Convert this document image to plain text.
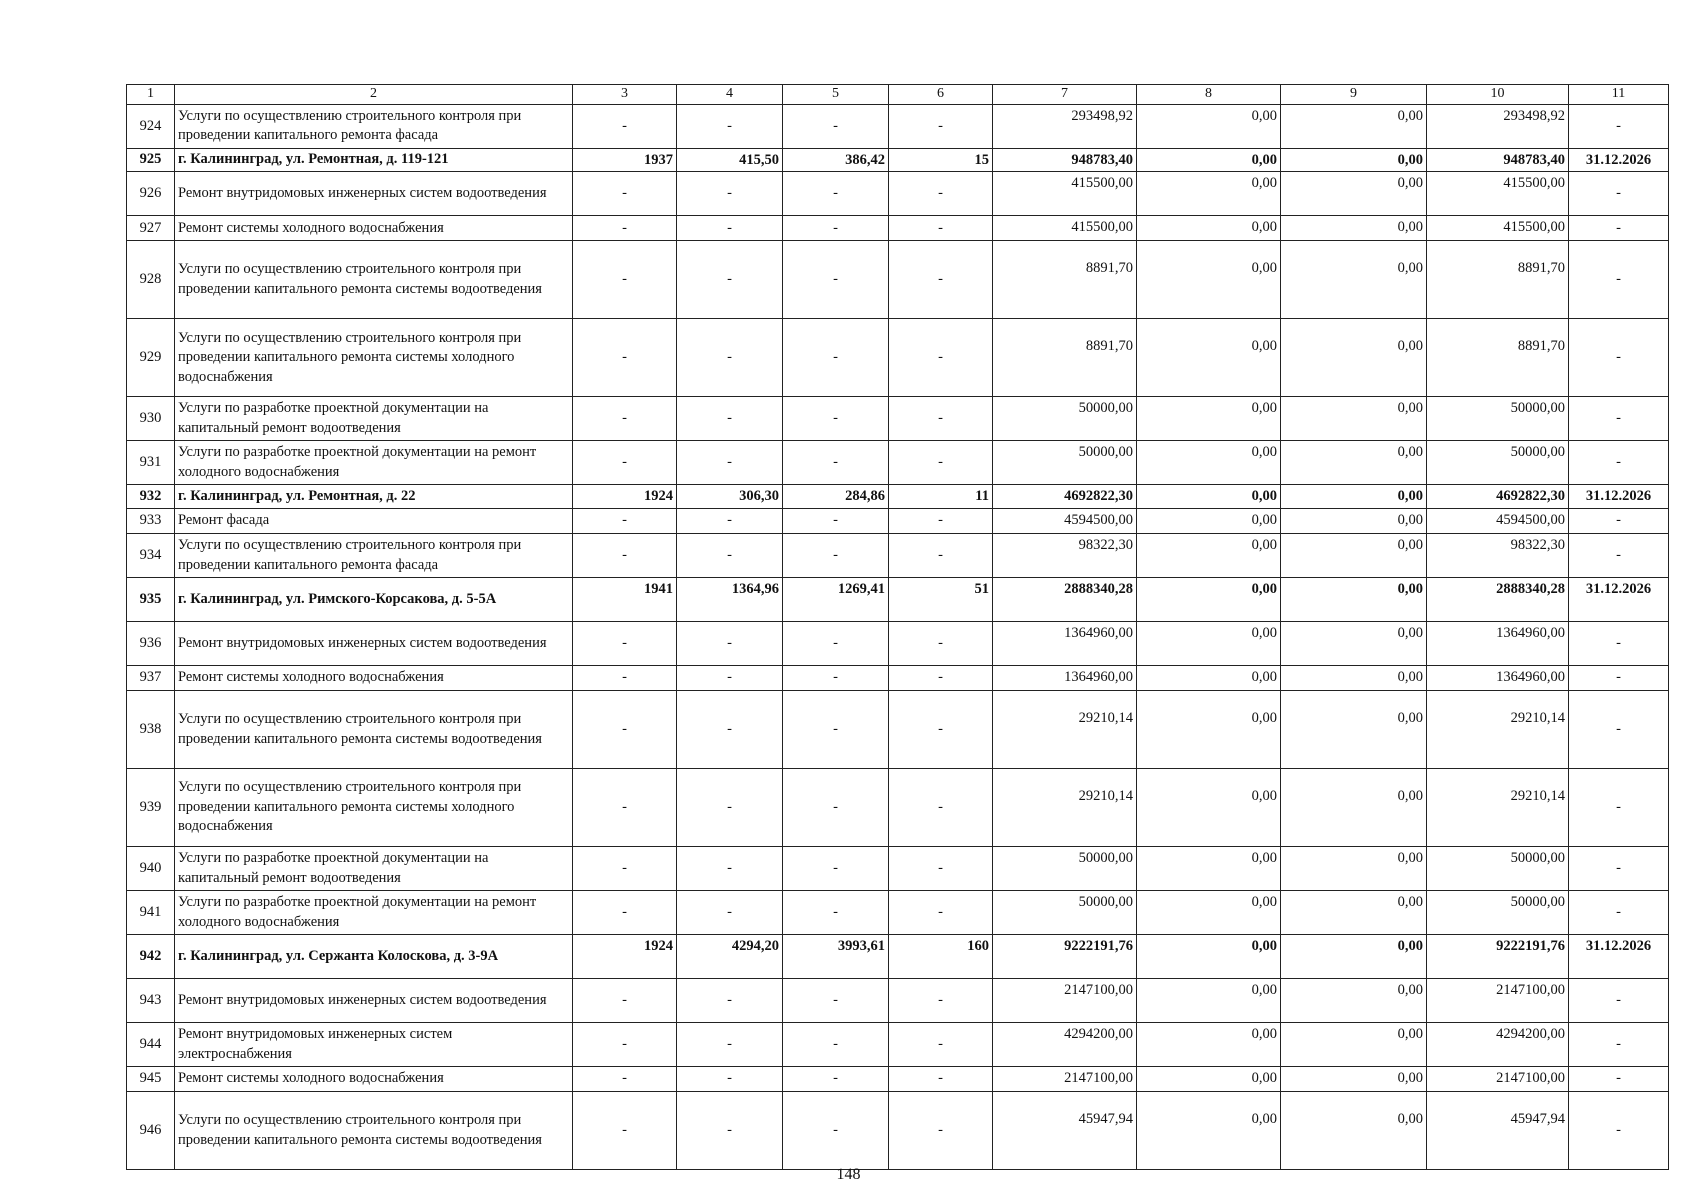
1	2	3	4	5	6	7	8	9	10	11
924	Услуги по осуществлению строительного контроля при проведении капитального ремонта фасада	-	-	-	-	293498,92	0,00	0,00	293498,92	-
925	г. Калининград, ул. Ремонтная, д. 119-121	1937	415,50	386,42	15	948783,40	0,00	0,00	948783,40	31.12.2026
926	Ремонт внутридомовых инженерных систем водоотведения	-	-	-	-	415500,00	0,00	0,00	415500,00	-
927	Ремонт системы холодного водоснабжения	-	-	-	-	415500,00	0,00	0,00	415500,00	-
928	Услуги по осуществлению строительного контроля при проведении капитального ремонта системы водоотведения	-	-	-	-	8891,70	0,00	0,00	8891,70	-
929	Услуги по осуществлению строительного контроля при проведении капитального ремонта системы холодного водоснабжения	-	-	-	-	8891,70	0,00	0,00	8891,70	-
930	Услуги по разработке проектной документации на капитальный ремонт водоотведения	-	-	-	-	50000,00	0,00	0,00	50000,00	-
931	Услуги по разработке проектной документации на ремонт холодного водоснабжения	-	-	-	-	50000,00	0,00	0,00	50000,00	-
932	г. Калининград, ул. Ремонтная, д. 22	1924	306,30	284,86	11	4692822,30	0,00	0,00	4692822,30	31.12.2026
933	Ремонт фасада	-	-	-	-	4594500,00	0,00	0,00	4594500,00	-
934	Услуги по осуществлению строительного контроля при проведении капитального ремонта фасада	-	-	-	-	98322,30	0,00	0,00	98322,30	-
935	г. Калининград, ул. Римского-Корсакова, д. 5-5А	1941	1364,96	1269,41	51	2888340,28	0,00	0,00	2888340,28	31.12.2026
936	Ремонт внутридомовых инженерных систем водоотведения	-	-	-	-	1364960,00	0,00	0,00	1364960,00	-
937	Ремонт системы холодного водоснабжения	-	-	-	-	1364960,00	0,00	0,00	1364960,00	-
938	Услуги по осуществлению строительного контроля при проведении капитального ремонта системы водоотведения	-	-	-	-	29210,14	0,00	0,00	29210,14	-
939	Услуги по осуществлению строительного контроля при проведении капитального ремонта системы холодного водоснабжения	-	-	-	-	29210,14	0,00	0,00	29210,14	-
940	Услуги по разработке проектной документации на капитальный ремонт водоотведения	-	-	-	-	50000,00	0,00	0,00	50000,00	-
941	Услуги по разработке проектной документации на ремонт холодного водоснабжения	-	-	-	-	50000,00	0,00	0,00	50000,00	-
942	г. Калининград, ул. Сержанта Колоскова, д. 3-9А	1924	4294,20	3993,61	160	9222191,76	0,00	0,00	9222191,76	31.12.2026
943	Ремонт внутридомовых инженерных систем водоотведения	-	-	-	-	2147100,00	0,00	0,00	2147100,00	-
944	Ремонт внутридомовых инженерных систем электроснабжения	-	-	-	-	4294200,00	0,00	0,00	4294200,00	-
945	Ремонт системы холодного водоснабжения	-	-	-	-	2147100,00	0,00	0,00	2147100,00	-
946	Услуги по осуществлению строительного контроля при проведении капитального ремонта системы водоотведения	-	-	-	-	45947,94	0,00	0,00	45947,94	-
148
